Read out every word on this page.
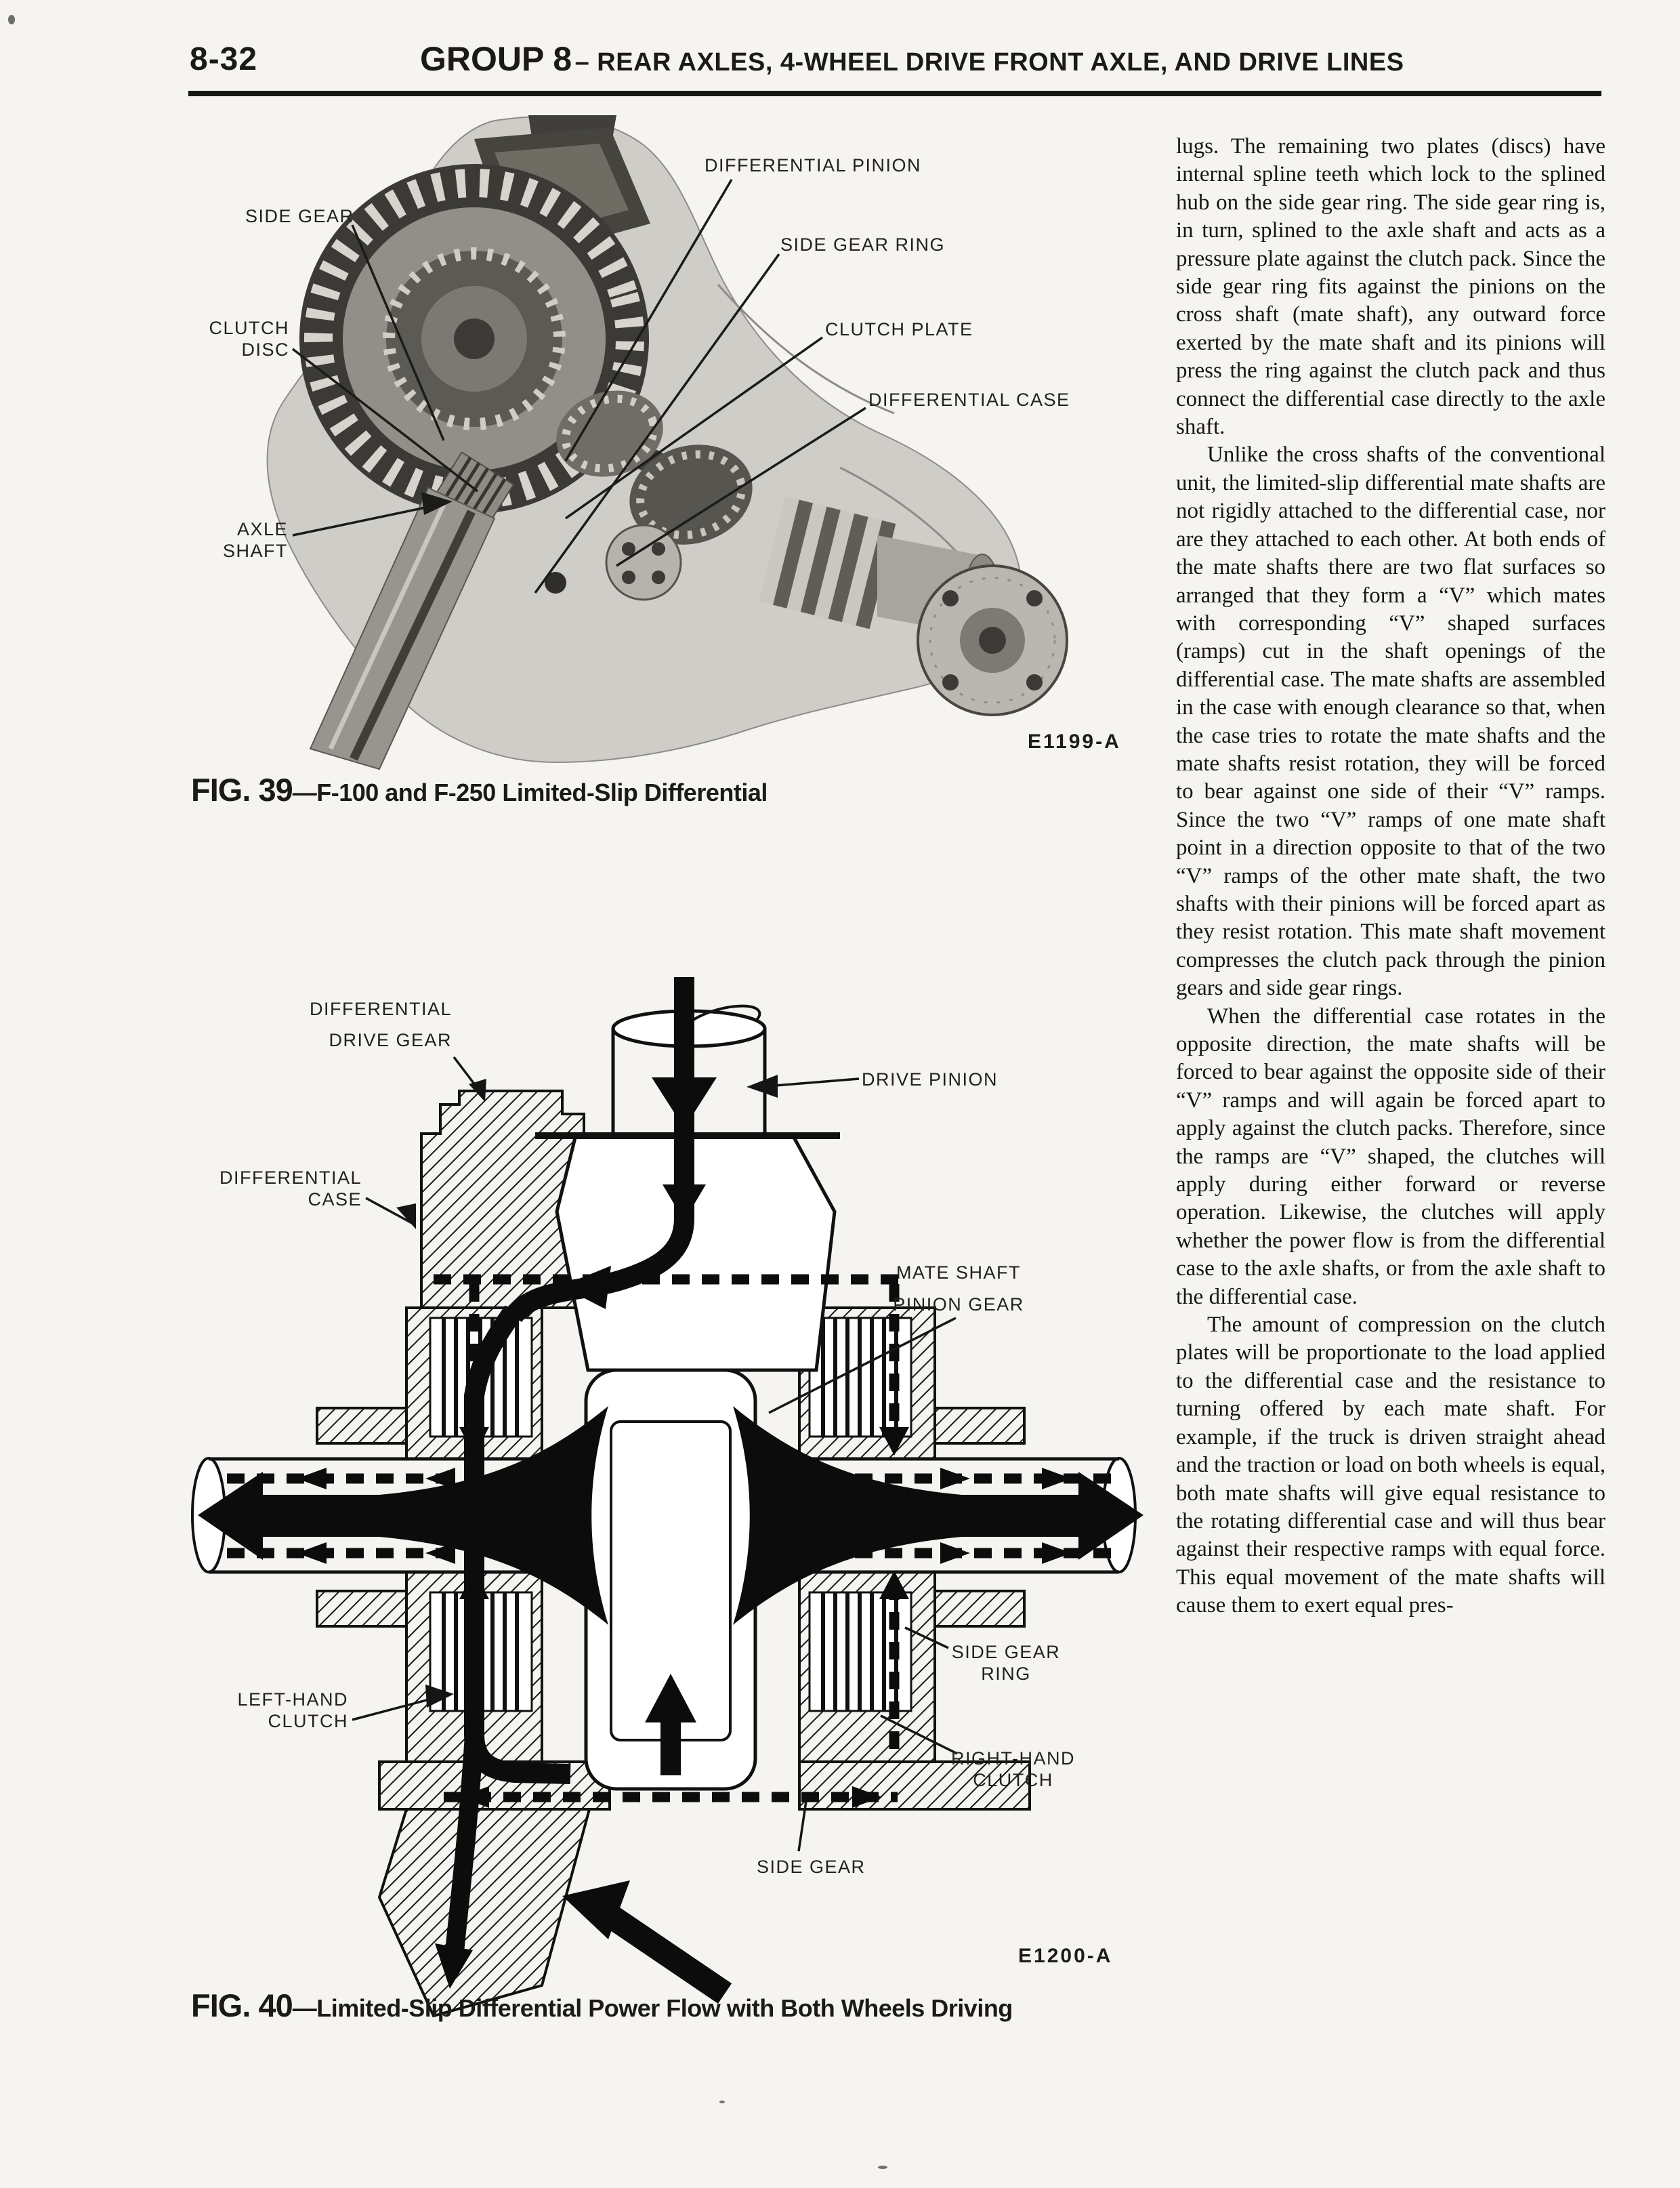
8-32	GROUP 8 – REAR AXLES, 4-WHEEL DRIVE FRONT AXLE, AND DRIVE LINES
DIFFERENTIAL PINION
SIDE GEAR
SIDE GEAR RING
CLUTCH
DISC
CLUTCH PLATE
DIFFERENTIAL CASE
AXLE
SHAFT
E1199-A
FIG. 39—F-100 and F-250 Limited-Slip Differential
DIFFERENTIAL
DRIVE GEAR
DRIVE PINION
DIFFERENTIAL
CASE
MATE SHAFT
PINION GEAR
SIDE GEAR
RING
LEFT-HAND
CLUTCH
RIGHT-HAND
CLUTCH
SIDE GEAR
E1200-A
FIG. 40—Limited-Slip Differential Power Flow with Both Wheels Driving

lugs. The remaining two plates (discs) have internal spline teeth which lock to the splined hub on the side gear ring. The side gear ring is, in turn, splined to the axle shaft and acts as a pressure plate against the clutch pack. Since the side gear ring fits against the pinions on the cross shaft (mate shaft), any outward force exerted by the mate shaft and its pinions will press the ring against the clutch pack and thus connect the differential case directly to the axle shaft.

Unlike the cross shafts of the conventional unit, the limited-slip differential mate shafts are not rigidly attached to the differential case, nor are they attached to each other. At both ends of the mate shafts there are two flat surfaces so arranged that they form a “V” which mates with corresponding “V” shaped surfaces (ramps) cut in the shaft openings of the differential case. The mate shafts are assembled in the case with enough clearance so that, when the case tries to rotate the mate shafts and the mate shafts resist rotation, they will be forced to bear against one side of their “V” ramps. Since the two “V” ramps of one mate shaft point in a direction opposite to that of the two “V” ramps of the other mate shaft, the two shafts with their pinions will be forced apart as they resist rotation. This mate shaft movement compresses the clutch pack through the pinion gears and side gear rings.

When the differential case rotates in the opposite direction, the mate shafts will be forced to bear against the opposite side of their “V” ramps and will again be forced apart to apply against the clutch packs. Therefore, since the ramps are “V” shaped, the clutches will apply during either forward or reverse operation. Likewise, the clutches will apply whether the power flow is from the differential case to the axle shafts, or from the axle shaft to the differential case.

The amount of compression on the clutch plates will be proportionate to the load applied to the differential case and the resistance to turning offered by each mate shaft. For example, if the truck is driven straight ahead and the traction or load on both wheels is equal, both mate shafts will give equal resistance to the rotating differential case and will thus bear against their respective ramps with equal force. This equal movement of the mate shafts will cause them to exert equal pres-
